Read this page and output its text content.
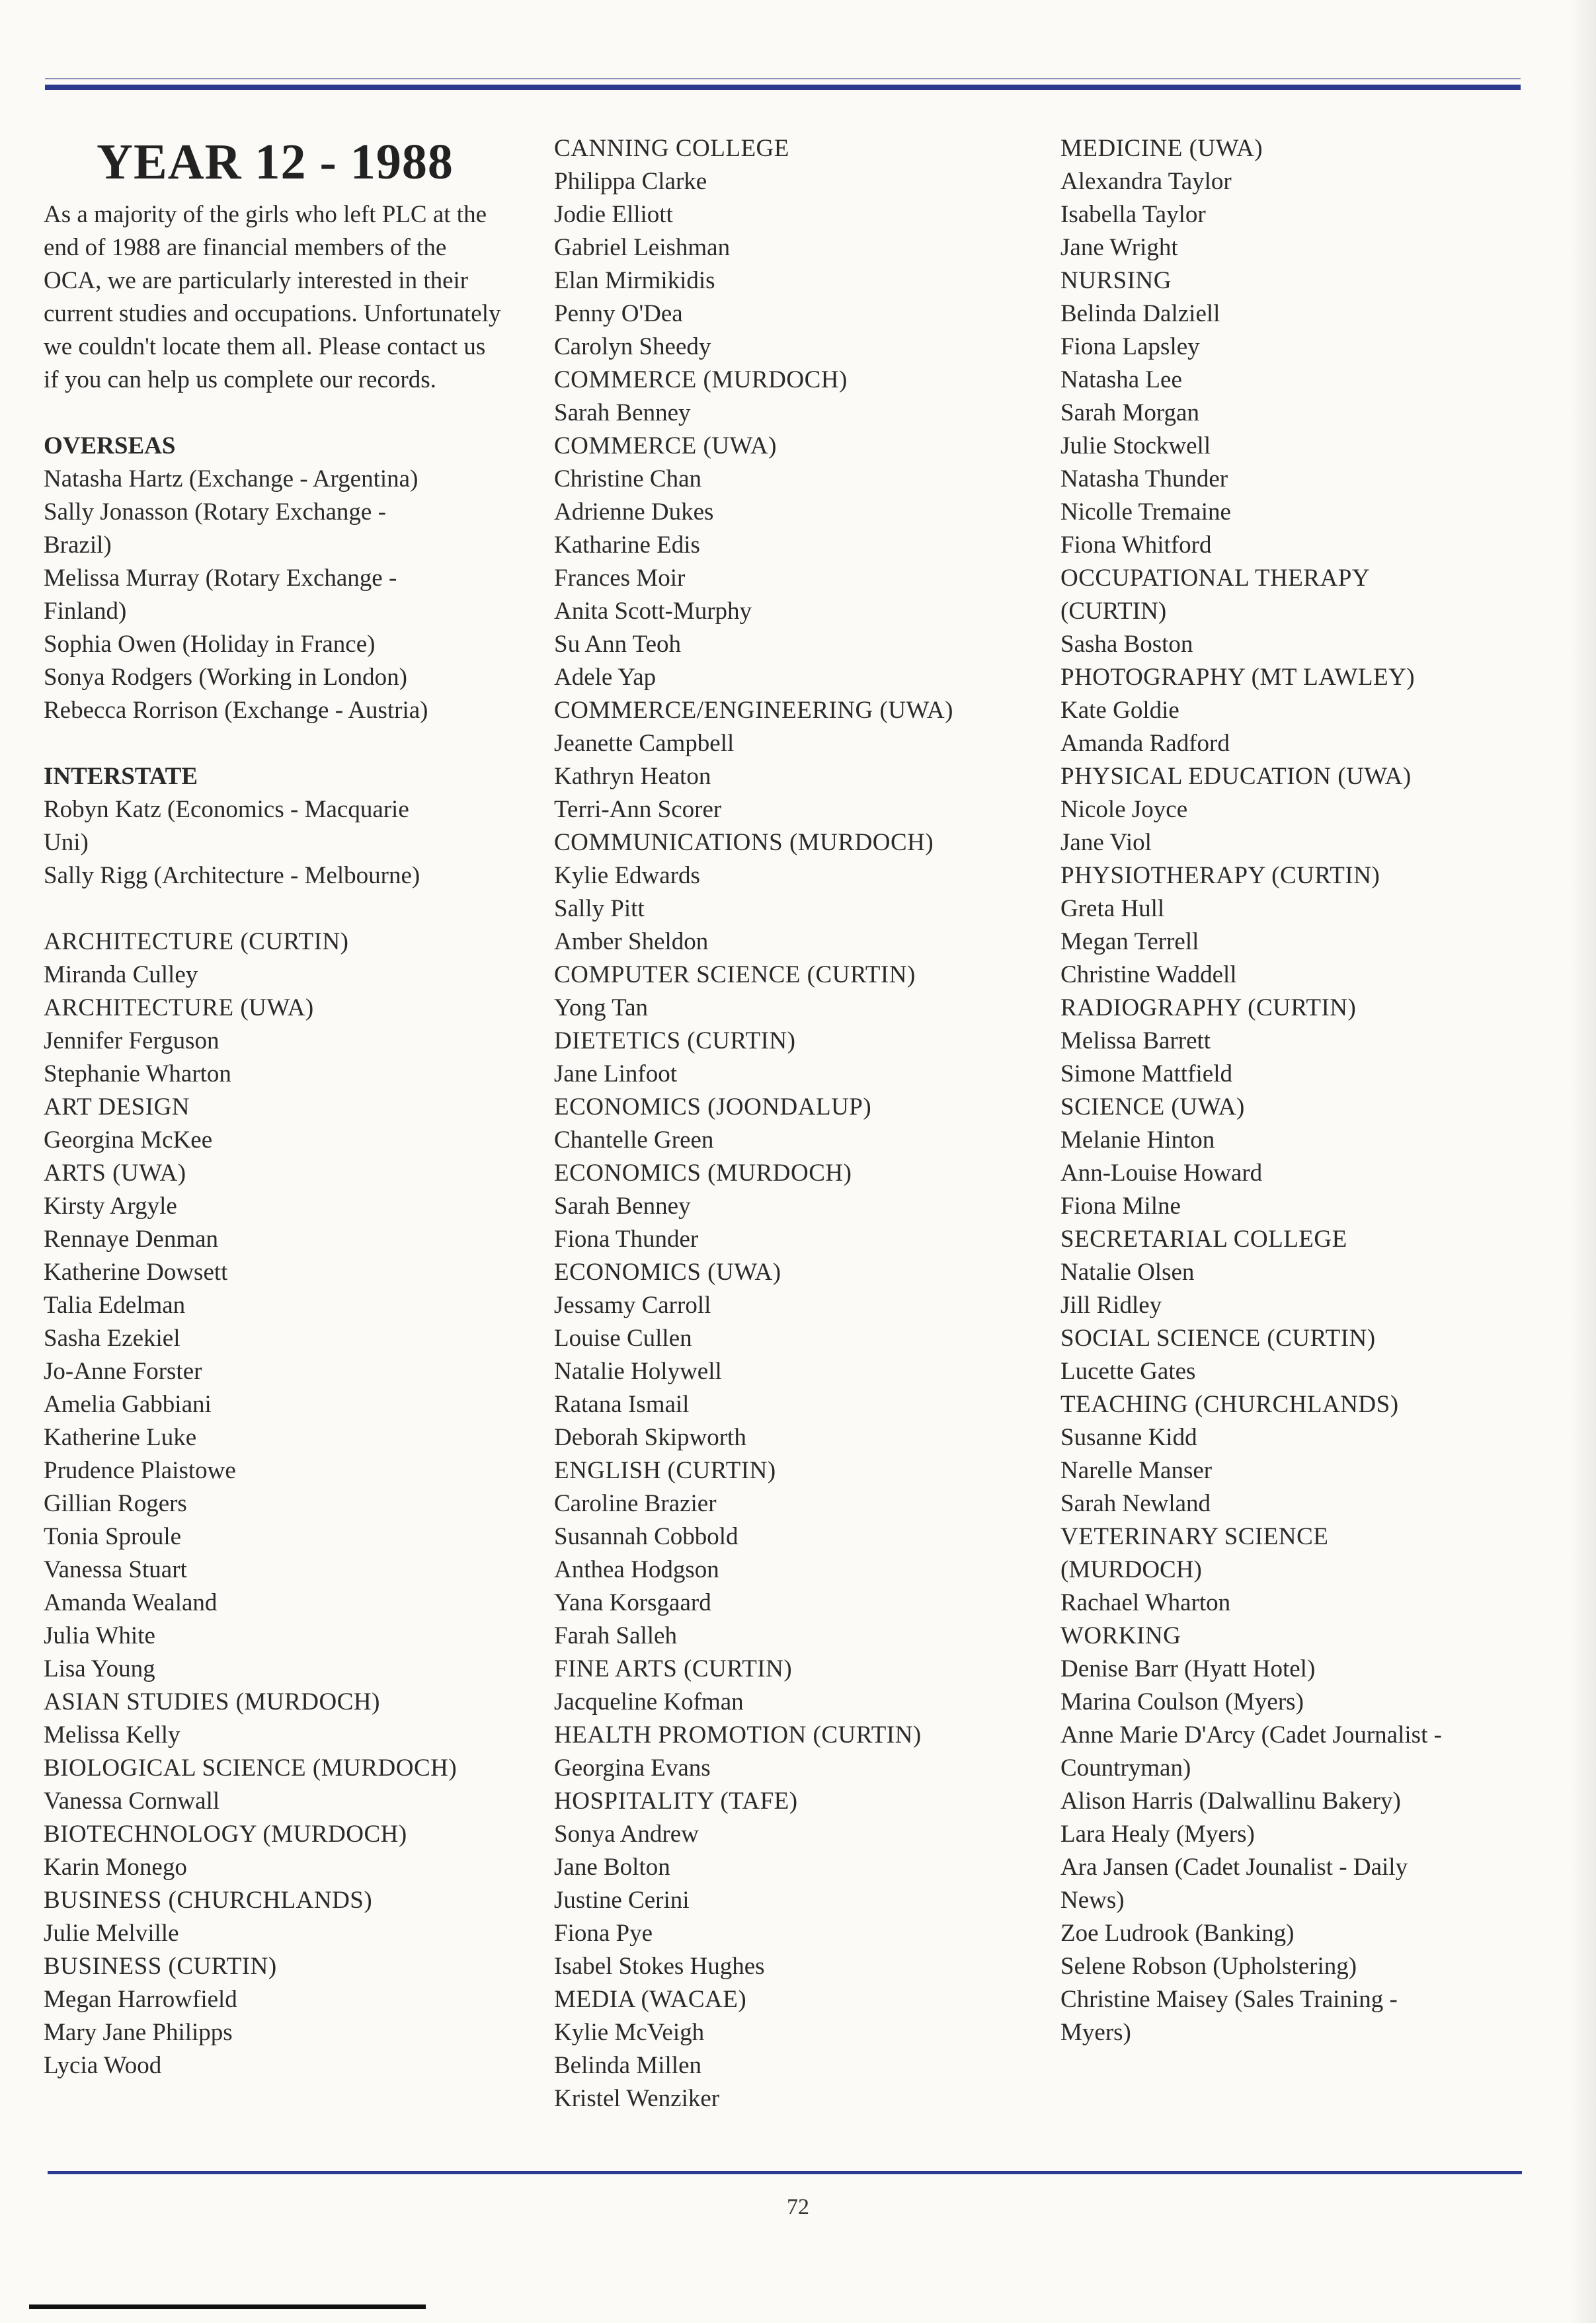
YEAR 12 - 1988
As a majority of the girls who left PLC at the end of 1988 are financial members of the OCA, we are particularly interested in their current studies and occupations. Unfortunately we couldn't locate them all. Please contact us if you can help us complete our records.
OVERSEAS
Natasha Hartz (Exchange - Argentina)
Sally Jonasson (Rotary Exchange -
Brazil)
Melissa Murray (Rotary Exchange -
Finland)
Sophia Owen (Holiday in France)
Sonya Rodgers (Working in London)
Rebecca Rorrison (Exchange - Austria)
INTERSTATE
Robyn Katz (Economics - Macquarie
Uni)
Sally Rigg (Architecture - Melbourne)
ARCHITECTURE (CURTIN)
Miranda Culley
ARCHITECTURE (UWA)
Jennifer Ferguson
Stephanie Wharton
ART DESIGN
Georgina McKee
ARTS (UWA)
Kirsty Argyle
Rennaye Denman
Katherine Dowsett
Talia Edelman
Sasha Ezekiel
Jo-Anne Forster
Amelia Gabbiani
Katherine Luke
Prudence Plaistowe
Gillian Rogers
Tonia Sproule
Vanessa Stuart
Amanda Wealand
Julia White
Lisa Young
ASIAN STUDIES (MURDOCH)
Melissa Kelly
BIOLOGICAL SCIENCE (MURDOCH)
Vanessa Cornwall
BIOTECHNOLOGY (MURDOCH)
Karin Monego
BUSINESS (CHURCHLANDS)
Julie Melville
BUSINESS (CURTIN)
Megan Harrowfield
Mary Jane Philipps
Lycia Wood
CANNING COLLEGE
Philippa Clarke
Jodie Elliott
Gabriel Leishman
Elan Mirmikidis
Penny O'Dea
Carolyn Sheedy
COMMERCE (MURDOCH)
Sarah Benney
COMMERCE (UWA)
Christine Chan
Adrienne Dukes
Katharine Edis
Frances Moir
Anita Scott-Murphy
Su Ann Teoh
Adele Yap
COMMERCE/ENGINEERING (UWA)
Jeanette Campbell
Kathryn Heaton
Terri-Ann Scorer
COMMUNICATIONS (MURDOCH)
Kylie Edwards
Sally Pitt
Amber Sheldon
COMPUTER SCIENCE (CURTIN)
Yong Tan
DIETETICS (CURTIN)
Jane Linfoot
ECONOMICS (JOONDALUP)
Chantelle Green
ECONOMICS (MURDOCH)
Sarah Benney
Fiona Thunder
ECONOMICS (UWA)
Jessamy Carroll
Louise Cullen
Natalie Holywell
Ratana Ismail
Deborah Skipworth
ENGLISH (CURTIN)
Caroline Brazier
Susannah Cobbold
Anthea Hodgson
Yana Korsgaard
Farah Salleh
FINE ARTS (CURTIN)
Jacqueline Kofman
HEALTH PROMOTION (CURTIN)
Georgina Evans
HOSPITALITY (TAFE)
Sonya Andrew
Jane Bolton
Justine Cerini
Fiona Pye
Isabel Stokes Hughes
MEDIA (WACAE)
Kylie McVeigh
Belinda Millen
Kristel Wenziker
MEDICINE (UWA)
Alexandra Taylor
Isabella Taylor
Jane Wright
NURSING
Belinda Dalziell
Fiona Lapsley
Natasha Lee
Sarah Morgan
Julie Stockwell
Natasha Thunder
Nicolle Tremaine
Fiona Whitford
OCCUPATIONAL THERAPY
(CURTIN)
Sasha Boston
PHOTOGRAPHY (MT LAWLEY)
Kate Goldie
Amanda Radford
PHYSICAL EDUCATION (UWA)
Nicole Joyce
Jane Viol
PHYSIOTHERAPY (CURTIN)
Greta Hull
Megan Terrell
Christine Waddell
RADIOGRAPHY (CURTIN)
Melissa Barrett
Simone Mattfield
SCIENCE (UWA)
Melanie Hinton
Ann-Louise Howard
Fiona Milne
SECRETARIAL COLLEGE
Natalie Olsen
Jill Ridley
SOCIAL SCIENCE (CURTIN)
Lucette Gates
TEACHING (CHURCHLANDS)
Susanne Kidd
Narelle Manser
Sarah Newland
VETERINARY SCIENCE
(MURDOCH)
Rachael Wharton
WORKING
Denise Barr (Hyatt Hotel)
Marina Coulson (Myers)
Anne Marie D'Arcy (Cadet Journalist -
Countryman)
Alison Harris (Dalwallinu Bakery)
Lara Healy (Myers)
Ara Jansen (Cadet Jounalist - Daily
News)
Zoe Ludrook (Banking)
Selene Robson (Upholstering)
Christine Maisey (Sales Training -
Myers)
72
